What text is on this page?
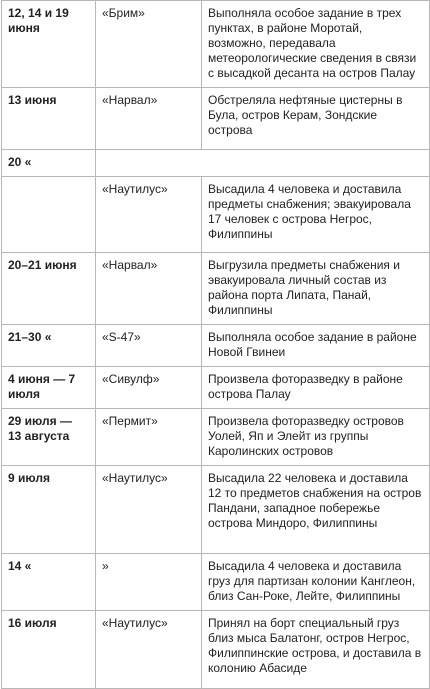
12, 14 и 19 июня	«Брим»	Выполняла особое задание в трех пунктах, в районе Моротай, возможно, передавала метеорологические сведения в связи с высадкой десанта на остров Палау
13 июня	«Нарвал»	Обстреляла нефтяные цистерны в Була, остров Керам, Зондские острова
20 «		
	«Наутилус»	Высадила 4 человека и доставила предметы снабжения; эвакуировала 17 человек с острова Негрос, Филиппины
20–21 июня	«Нарвал»	Выгрузила предметы снабжения и эвакуировала личный состав из района порта Липата, Панай, Филиппины
21–30 «	«S-47»	Выполняла особое задание в районе Новой Гвинеи
4 июня — 7 июля	«Сивулф»	Произвела фоторазведку в районе острова Палау
29 июля — 13 августа	«Пермит»	Произвела фоторазведку островов Уолей, Яп и Элейт из группы Каролинских островов
9 июля	«Наутилус»	Высадила 22 человека и доставила 12 то предметов снабжения на остров Пандани, западное побережье острова Миндоро, Филиппины
14 «	»	Высадила 4 человека и доставила груз для партизан колонии Канглеон, близ Сан-Роке, Лейте, Филиппины
16 июля	«Наутилус»	Принял на борт специальный груз близ мыса Балатонг, остров Негрос, Филиппинские острова, и доставила в колонию Абасиде
